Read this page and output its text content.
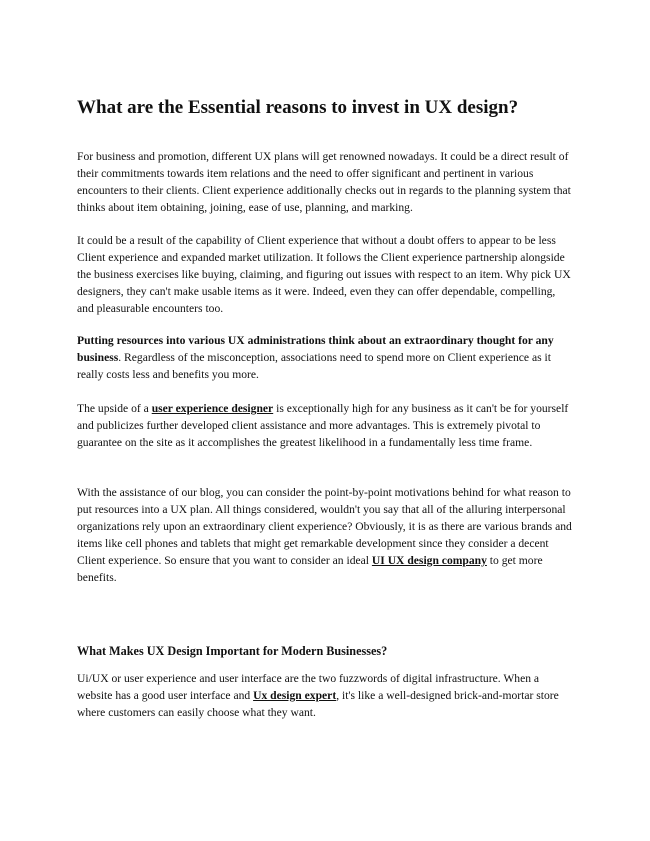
What are the Essential reasons to invest in UX design?

For business and promotion, different UX plans will get renowned nowadays. It could be a direct result of their commitments towards item relations and the need to offer significant and pertinent in various encounters to their clients. Client experience additionally checks out in regards to the planning system that thinks about item obtaining, joining, ease of use, planning, and marking.

It could be a result of the capability of Client experience that without a doubt offers to appear to be less Client experience and expanded market utilization. It follows the Client experience partnership alongside the business exercises like buying, claiming, and figuring out issues with respect to an item. Why pick UX designers, they can't make usable items as it were. Indeed, even they can offer dependable, compelling, and pleasurable encounters too.

Putting resources into various UX administrations think about an extraordinary thought for any business. Regardless of the misconception, associations need to spend more on Client experience as it really costs less and benefits you more.

The upside of a user experience designer is exceptionally high for any business as it can't be for yourself and publicizes further developed client assistance and more advantages. This is extremely pivotal to guarantee on the site as it accomplishes the greatest likelihood in a fundamentally less time frame.

With the assistance of our blog, you can consider the point-by-point motivations behind for what reason to put resources into a UX plan. All things considered, wouldn't you say that all of the alluring interpersonal organizations rely upon an extraordinary client experience? Obviously, it is as there are various brands and items like cell phones and tablets that might get remarkable development since they consider a decent Client experience. So ensure that you want to consider an ideal UI UX design company to get more benefits.

What Makes UX Design Important for Modern Businesses?

Ui/UX or user experience and user interface are the two fuzzwords of digital infrastructure. When a website has a good user interface and Ux design expert, it's like a well-designed brick-and-mortar store where customers can easily choose what they want.
